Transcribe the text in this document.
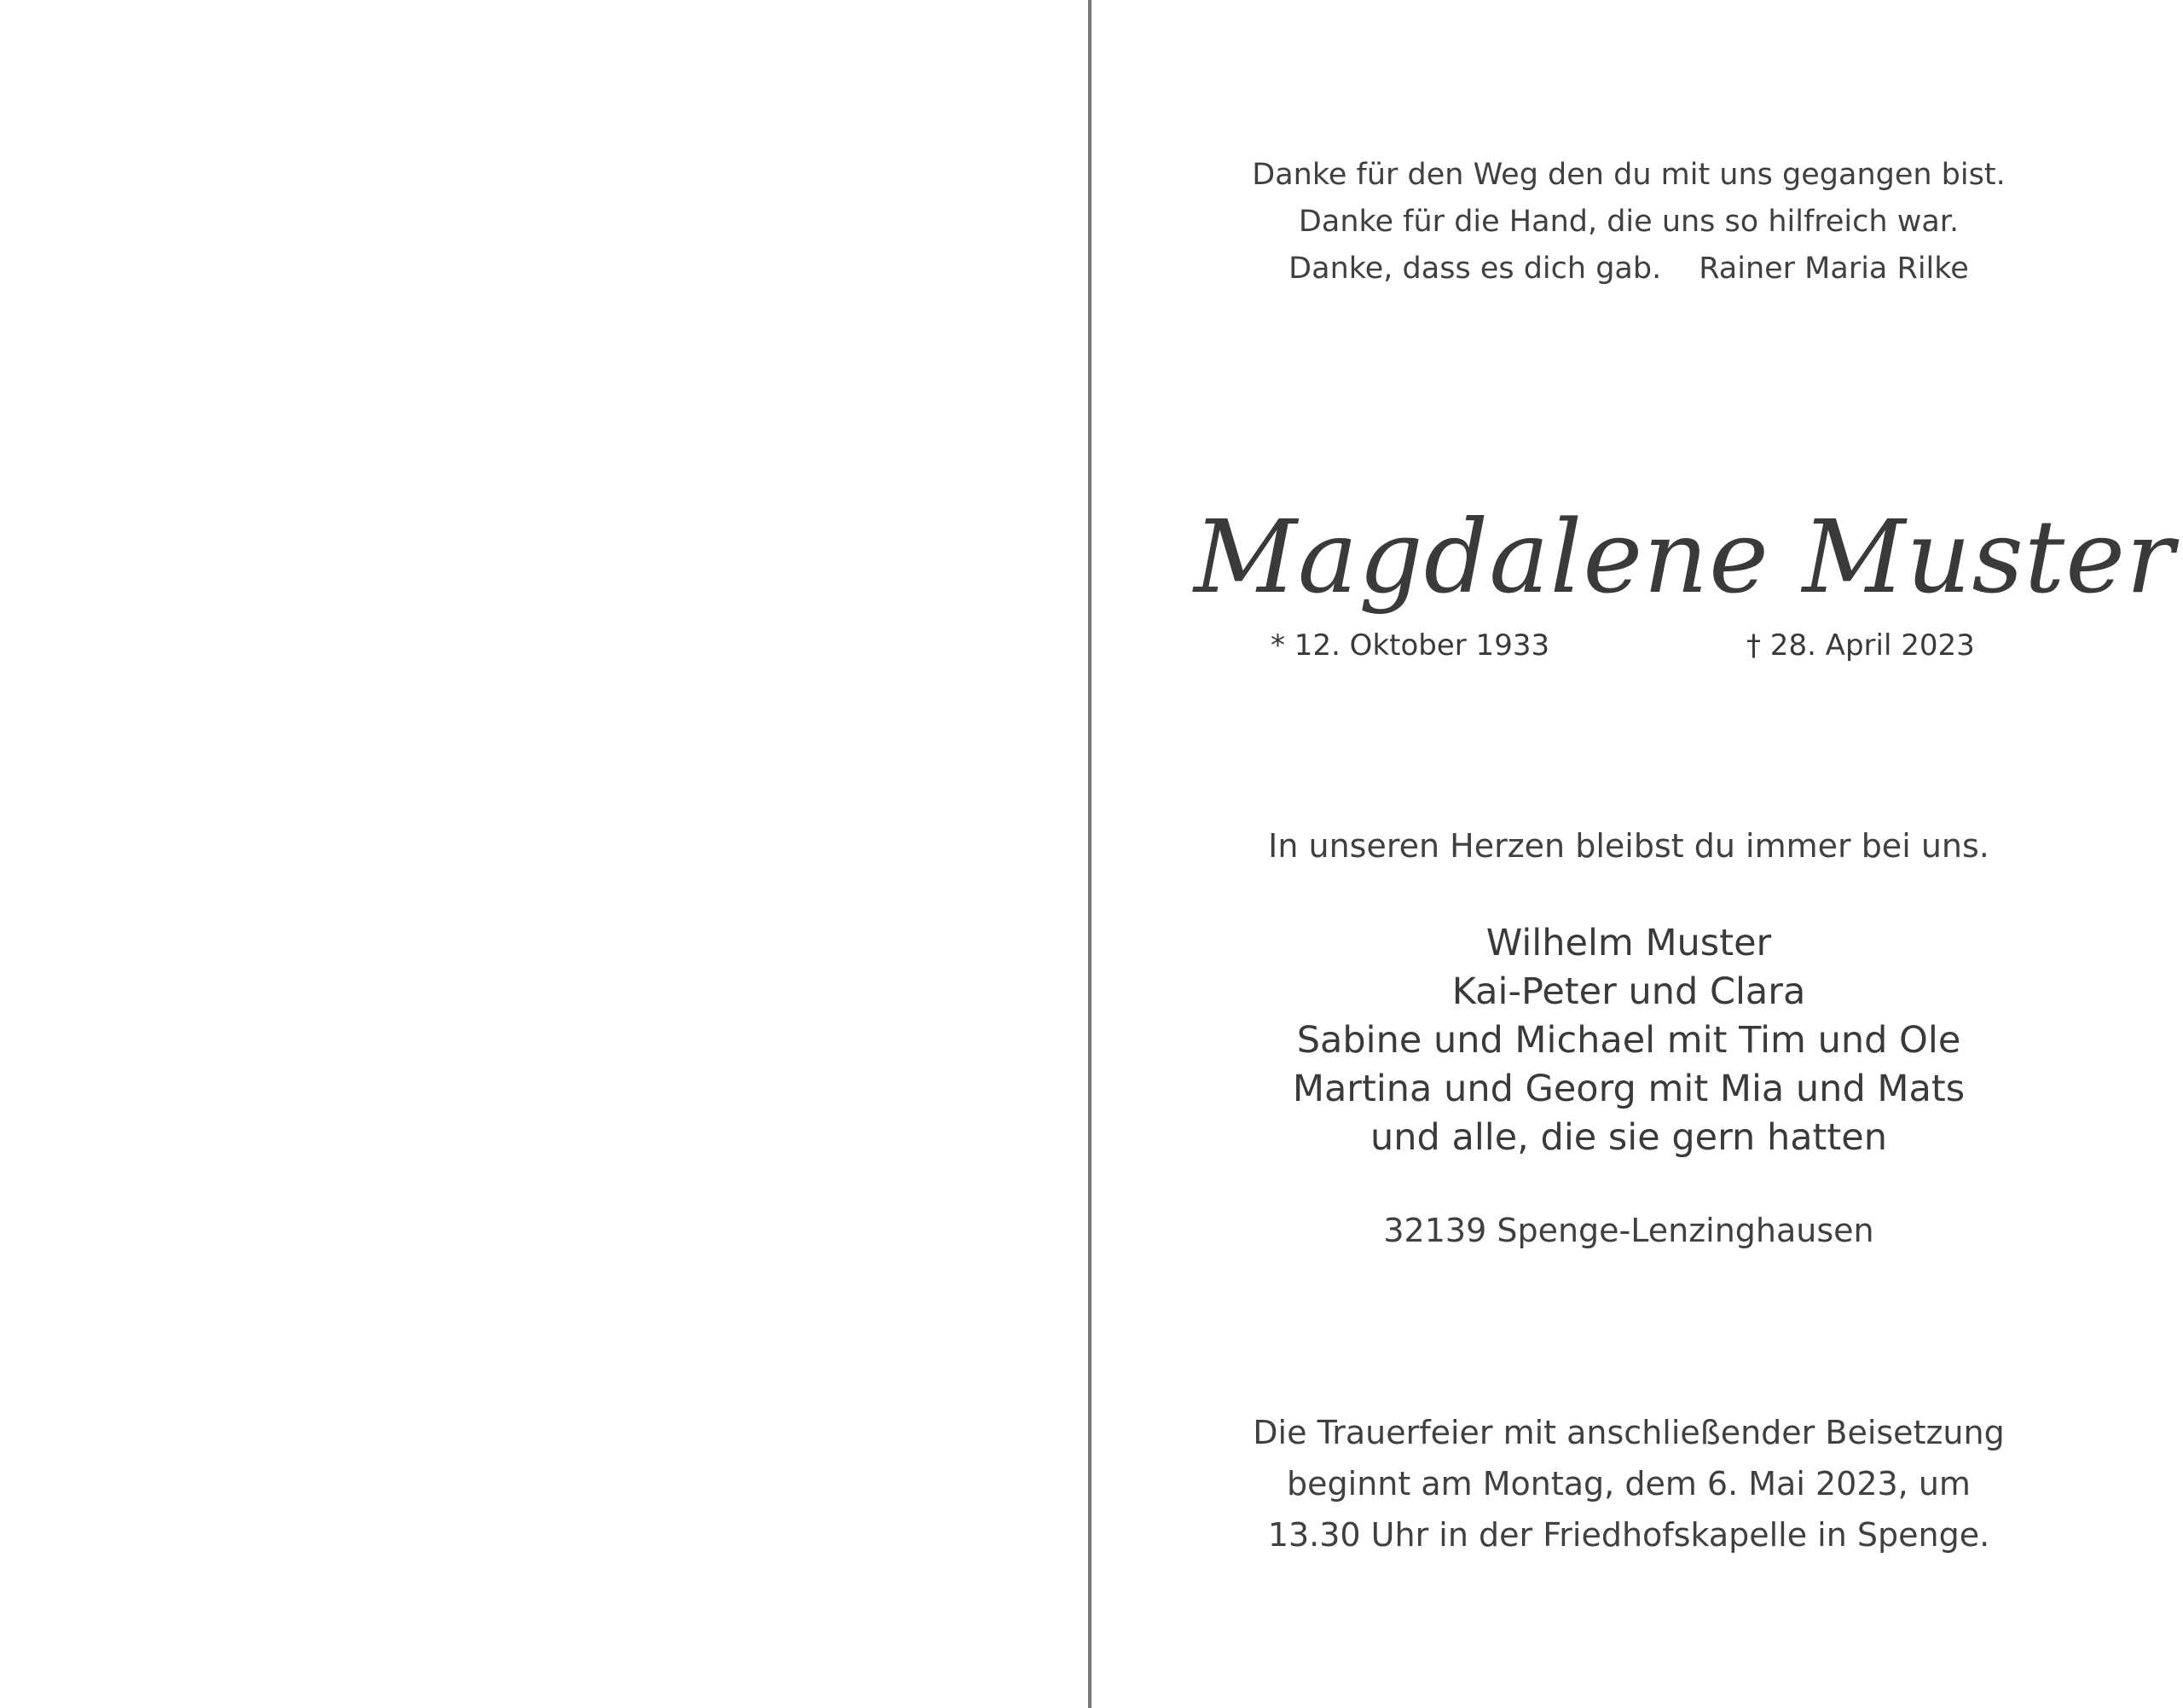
Danke für den Weg den du mit uns gegangen bist.
Danke für die Hand, die uns so hilfreich war.
Danke, dass es dich gab. Rainer Maria Rilke
Magdalene Muster
* 12. Oktober 1933	† 28. April 2023
In unseren Herzen bleibst du immer bei uns.
Wilhelm Muster
Kai-Peter und Clara
Sabine und Michael mit Tim und Ole
Martina und Georg mit Mia und Mats
und alle, die sie gern hatten
32139 Spenge-Lenzinghausen
Die Trauerfeier mit anschließender Beisetzung
beginnt am Montag, dem 6. Mai 2023, um
13.30 Uhr in der Friedhofskapelle in Spenge.
